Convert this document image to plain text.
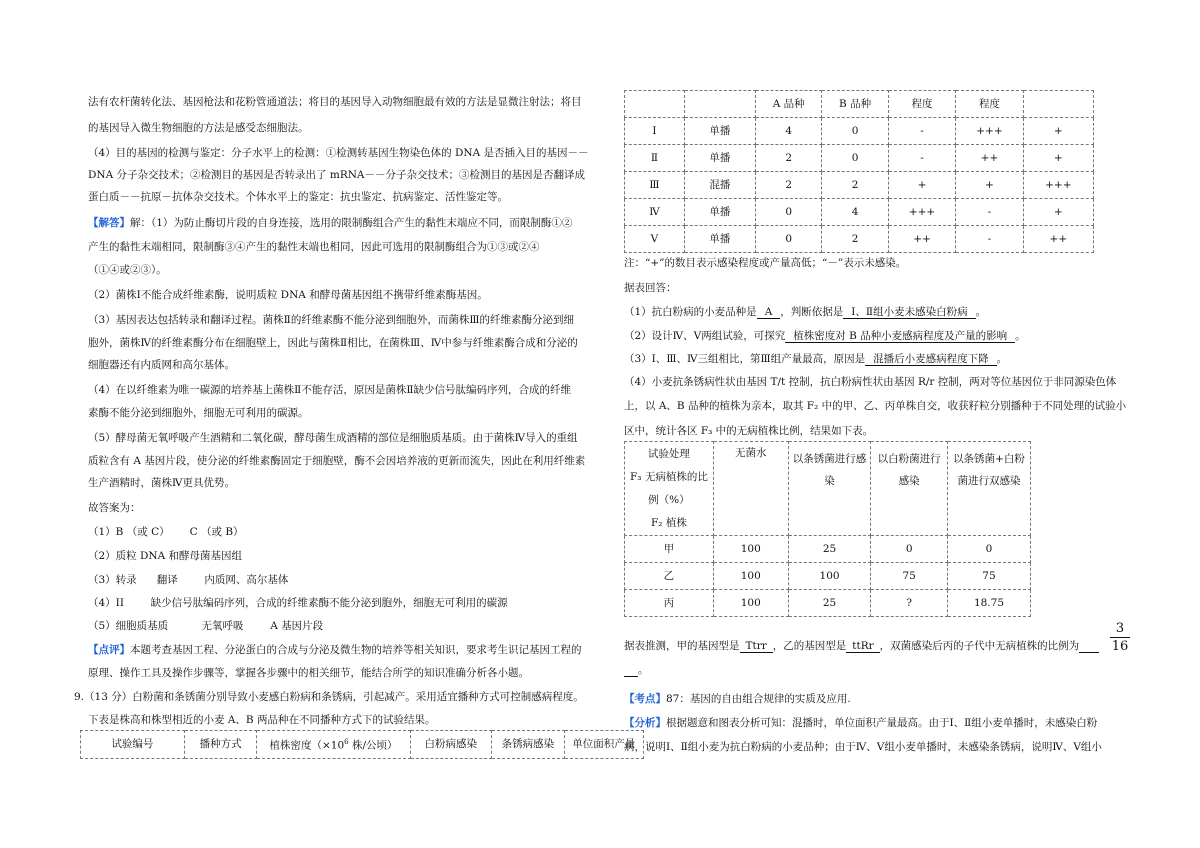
法有农杆菌转化法、基因枪法和花粉管通道法；将目的基因导入动物细胞最有效的方法是显微注射法；将目
的基因导入微生物细胞的方法是感受态细胞法。
（4）目的基因的检测与鉴定：分子水平上的检测：①检测转基因生物染色体的 DNA 是否插入目的基因－－
DNA 分子杂交技术；②检测目的基因是否转录出了 mRNA－－分子杂交技术；③检测目的基因是否翻译成
蛋白质－－抗原－抗体杂交技术。个体水平上的鉴定：抗虫鉴定、抗病鉴定、活性鉴定等。
【解答】解：（1）为防止酶切片段的自身连接，选用的限制酶组合产生的黏性末端应不同，而限制酶①②
产生的黏性末端相同，限制酶③④产生的黏性末端也相同，因此可选用的限制酶组合为①③或②④
（①④或②③）。
（2）菌株Ⅰ不能合成纤维素酶，说明质粒 DNA 和酵母菌基因组不携带纤维素酶基因。
（3）基因表达包括转录和翻译过程。菌株Ⅱ的纤维素酶不能分泌到细胞外，而菌株Ⅲ的纤维素酶分泌到细
胞外，菌株Ⅳ的纤维素酶分布在细胞壁上，因此与菌株Ⅱ相比，在菌株Ⅲ、Ⅳ中参与纤维素酶合成和分泌的
细胞器还有内质网和高尔基体。
（4）在以纤维素为唯一碳源的培养基上菌株Ⅱ不能存活，原因是菌株Ⅱ缺少信号肽编码序列，合成的纤维
素酶不能分泌到细胞外，细胞无可利用的碳源。
（5）酵母菌无氧呼吸产生酒精和二氧化碳，酵母菌生成酒精的部位是细胞质基质。由于菌株Ⅳ导入的重组
质粒含有 A 基因片段，使分泌的纤维素酶固定于细胞壁，酶不会因培养液的更新而流失，因此在利用纤维素
生产酒精时，菌株Ⅳ更具优势。
故答案为：
（1）B （或 C）      C （或 B）
（2）质粒 DNA 和酵母菌基因组
（3）转录      翻译        内质网、高尔基体
（4）II        缺少信号肽编码序列，合成的纤维素酶不能分泌到胞外，细胞无可利用的碳源
（5）细胞质基质          无氧呼吸        A 基因片段
【点评】本题考查基因工程、分泌蛋白的合成与分泌及微生物的培养等相关知识，要求考生识记基因工程的
原理、操作工具及操作步骤等，掌握各步骤中的相关细节，能结合所学的知识准确分析各小题。
9.（13 分）白粉菌和条锈菌分别导致小麦感白粉病和条锈病，引起减产。采用适宜播种方式可控制感病程度。
下表是株高和株型相近的小麦 A、B 两品种在不同播种方式下的试验结果。
试验编号	播种方式	植株密度（$\times 10^6$ 株/公顷）	白粉病感染	条锈病感染	单位面积产量
		A 品种	B 品种	程度	程度	
Ⅰ	单播	4	0	-	+++	+
Ⅱ	单播	2	0	-	++	+
Ⅲ	混播	2	2	+	+	+++
Ⅳ	单播	0	4	+++	-	+
Ⅴ	单播	0	2	++	-	++
注：“+”的数目表示感染程度或产量高低；“－”表示未感染。
据表回答：
（1）抗白粉病的小麦品种是 A ，判断依据是 Ⅰ、Ⅱ组小麦未感染白粉病 。
（2）设计Ⅳ、Ⅴ两组试验，可探究 植株密度对 B 品种小麦感病程度及产量的影响 。
（3）Ⅰ、Ⅲ、Ⅳ三组相比，第Ⅲ组产量最高，原因是 混播后小麦感病程度下降 。
（4）小麦抗条锈病性状由基因 T/t 控制，抗白粉病性状由基因 R/r 控制，两对等位基因位于非同源染色体
上，以 A、B 品种的植株为亲本，取其 F₂ 中的甲、乙、丙单株自交，收获籽粒分别播种于不同处理的试验小
区中，统计各区 F₃ 中的无病植株比例，结果如下表。
试验处理
F₃ 无病植株的比
例（%）
F₂ 植株	无菌水	以条锈菌进行感染	以白粉菌进行感染	以条锈菌+白粉菌进行双感染
甲	100	25	0	0
乙	100	100	75	75
丙	100	25	?	18.75
据表推测，甲的基因型是 Ttrr ，乙的基因型是 ttRr ，双菌感染后丙的子代中无病植株的比例为
3
16
。
【考点】87：基因的自由组合规律的实质及应用.
【分析】根据题意和图表分析可知：混播时，单位面积产量最高。由于Ⅰ、Ⅱ组小麦单播时，未感染白粉
病，说明Ⅰ、Ⅱ组小麦为抗白粉病的小麦品种；由于Ⅳ、Ⅴ组小麦单播时，未感染条锈病，说明Ⅳ、Ⅴ组小
